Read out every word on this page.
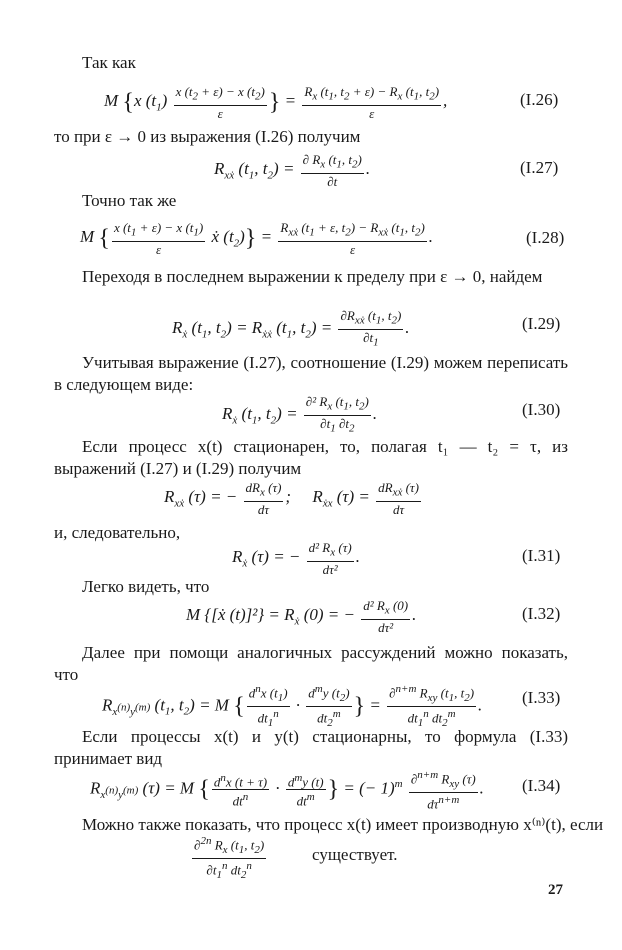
Так как
M {x $(t_1) \frac{x (t_2 + \varepsilon) - x (t_2)}{\varepsilon}$ } = $\frac{R_x (t_1, t_2 + \varepsilon) - R_x (t_1, t_2)}{\varepsilon}$ ,	(I.26)
то при ε → 0 из выражения (I.26) получим
$R_{xẋ}$ ($t_1$, $t_2) = \frac{\partial R_x (t_1, t_2)}{\partial t}$ .	(I.27)
Точно так же
M { $\frac{x (t_1 + \varepsilon) - x (t_1)}{\varepsilon}$ ẋ $(t_2)\} = \frac{R_{xẋ} (t_1 + \varepsilon, t_2) - R_{xẋ} (t_1, t_2)}{\varepsilon}$ .	(I.28)
Переходя в последнем выражении к пределу при ε → 0, найдем
$R_ẋ$ ($t_1$, $t_2) = R_{ẋẋ}$ ($t_1$, $t_2) = \frac{\partial R_{xẋ} (t_1, t_2)}{\partial t_1}$ .	(I.29)
Учитывая выражение (I.27), соотношение (I.29) можем переписать в следующем виде:
$R_ẋ$ ($t_1$, $t_2) = \frac{\partial^2 R_x (t_1, t_2)}{\partial t_1 \partial t_2}$ .	(I.30)
Если процесс x(t) стационарен, то, полагая t₁ — t₂ = τ, из выражений (I.27) и (I.29) получим
$R_{xẋ}$ (τ) = − $\frac{dR_x (\tau)}{d\tau}$ ;     $R_{ẋx}$ $(\tau) = \frac{dR_{xẋ} (\tau)}{d\tau}$
и, следовательно,
$R_ẋ$ (τ) = − $\frac{d^2 R_x (\tau)}{\text{dτ²}}$ .	(I.31)
Легко видеть, что
M {[ẋ $(t)]^2\} = R_ẋ$ (0) = − $\frac{d^2 R_x (0)}{\text{dτ²}}$ .	(I.32)
Далее при помощи аналогичных рассуждений можно показать, что
$R_{x^{(n)}y^{(m)}}$ ($t_1$, $t_2) = M$ { $\frac{d^nx (t_1)}{dt_1^n} \cdot \frac{d^my (t_2)}{dt_2^m}$ } = $\frac{\partial^{n+m} R_{xy} (t_1, t_2)}{dt_1^n dt_2^m}$ . (I.33)
Если процессы x(t) и y(t) стационарны, то формула (I.33) принимает вид
$R_{x^{(n)}y^{(m)}}$ (τ) = M { $\frac{d^nx (t + \tau)}{dt^n} \cdot \frac{d^my (t)}{dt^m}$ } = (− $1)^m \frac{\partial^{n+m} R_{xy} (\tau)}{d\tau^{n+m}}$ . (I.34)
Можно также показать, что процесс x(t) имеет производную x⁽ⁿ⁾(t), если
$\frac{\partial^{2n} R_x (t_1, t_2)}{\partial t_1^n dt_2^n}$	существует.
27
